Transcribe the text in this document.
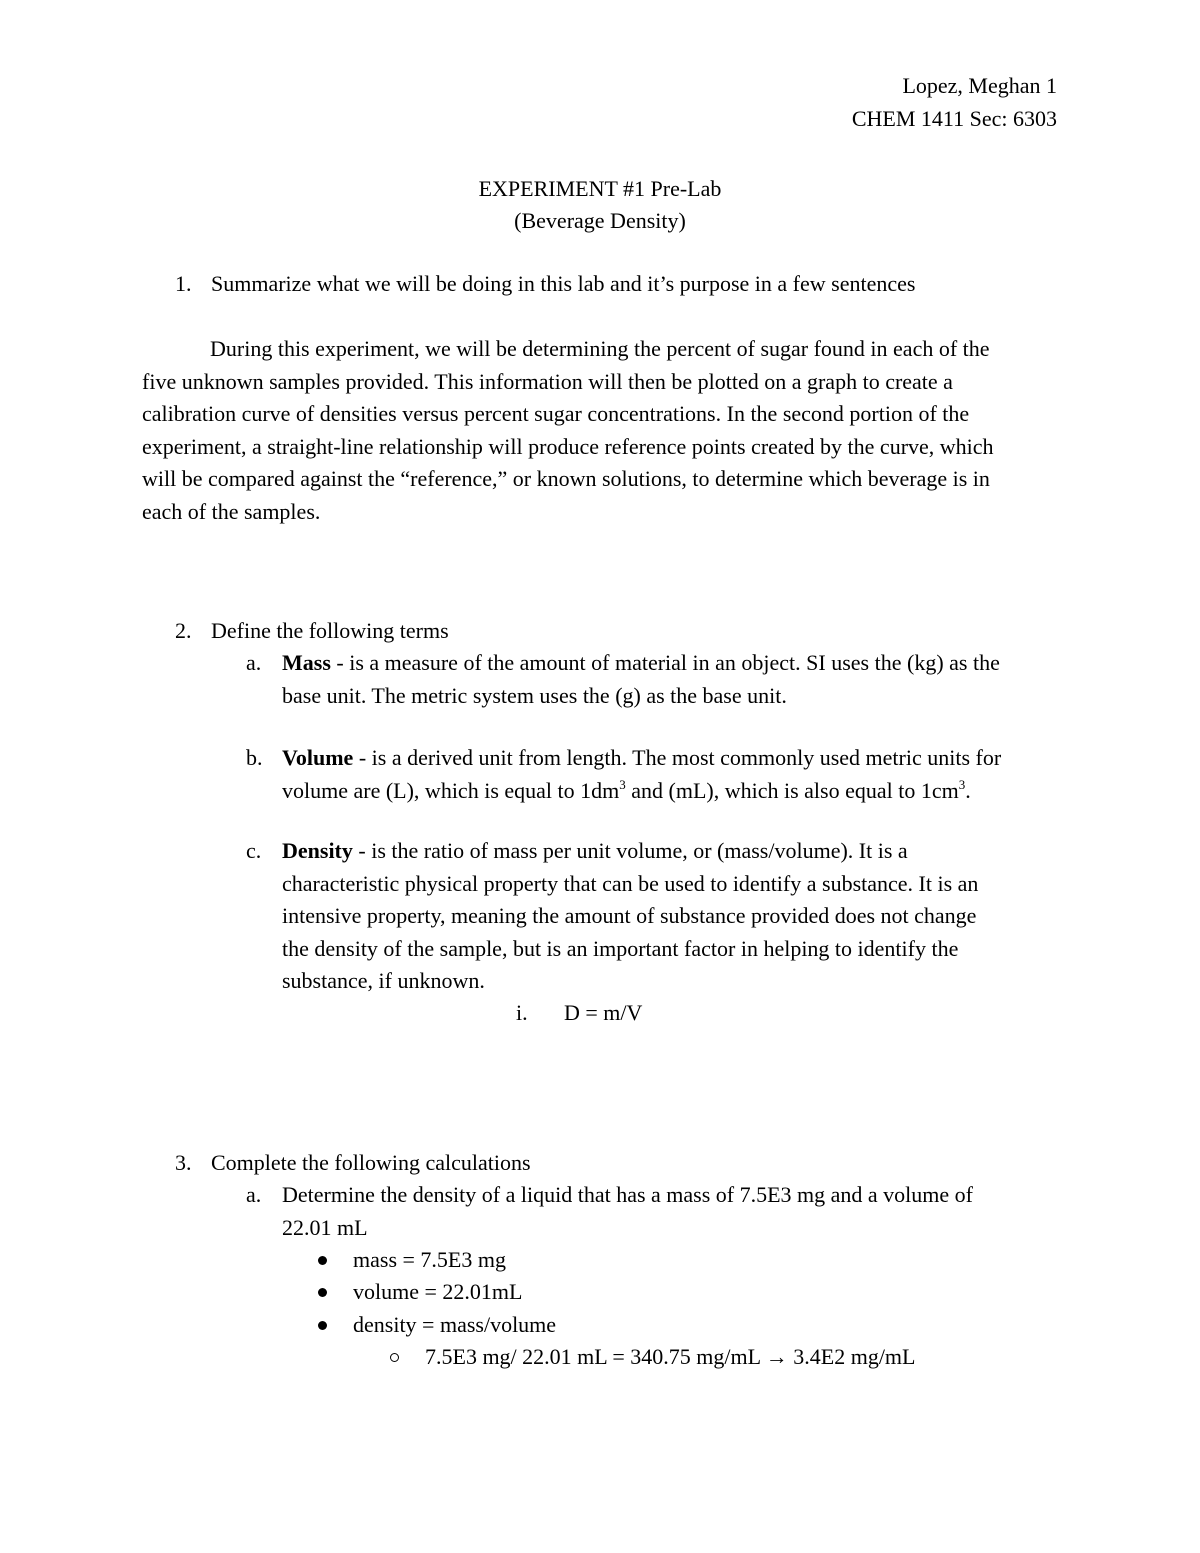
Lopez, Meghan 1
CHEM 1411 Sec: 6303
EXPERIMENT #1 Pre-Lab
(Beverage Density)
1. Summarize what we will be doing in this lab and it’s purpose in a few sentences
During this experiment, we will be determining the percent of sugar found in each of the
five unknown samples provided. This information will then be plotted on a graph to create a
calibration curve of densities versus percent sugar concentrations. In the second portion of the
experiment, a straight-line relationship will produce reference points created by the curve, which
will be compared against the “reference,” or known solutions, to determine which beverage is in
each of the samples.
2. Define the following terms
a. Mass - is a measure of the amount of material in an object. SI uses the (kg) as the
base unit. The metric system uses the (g) as the base unit.
b. Volume - is a derived unit from length. The most commonly used metric units for
volume are (L), which is equal to $1dm^3$ and (mL), which is also equal to $1cm^3$.
c. Density - is the ratio of mass per unit volume, or (mass/volume). It is a
characteristic physical property that can be used to identify a substance. It is an
intensive property, meaning the amount of substance provided does not change
the density of the sample, but is an important factor in helping to identify the
substance, if unknown.
i. D = m/V
3. Complete the following calculations
a. Determine the density of a liquid that has a mass of 7.5E3 mg and a volume of
22.01 mL
mass = 7.5E3 mg
volume = 22.01mL
density = mass/volume
7.5E3 mg/ 22.01 mL = 340.75 mg/mL → 3.4E2 mg/mL
